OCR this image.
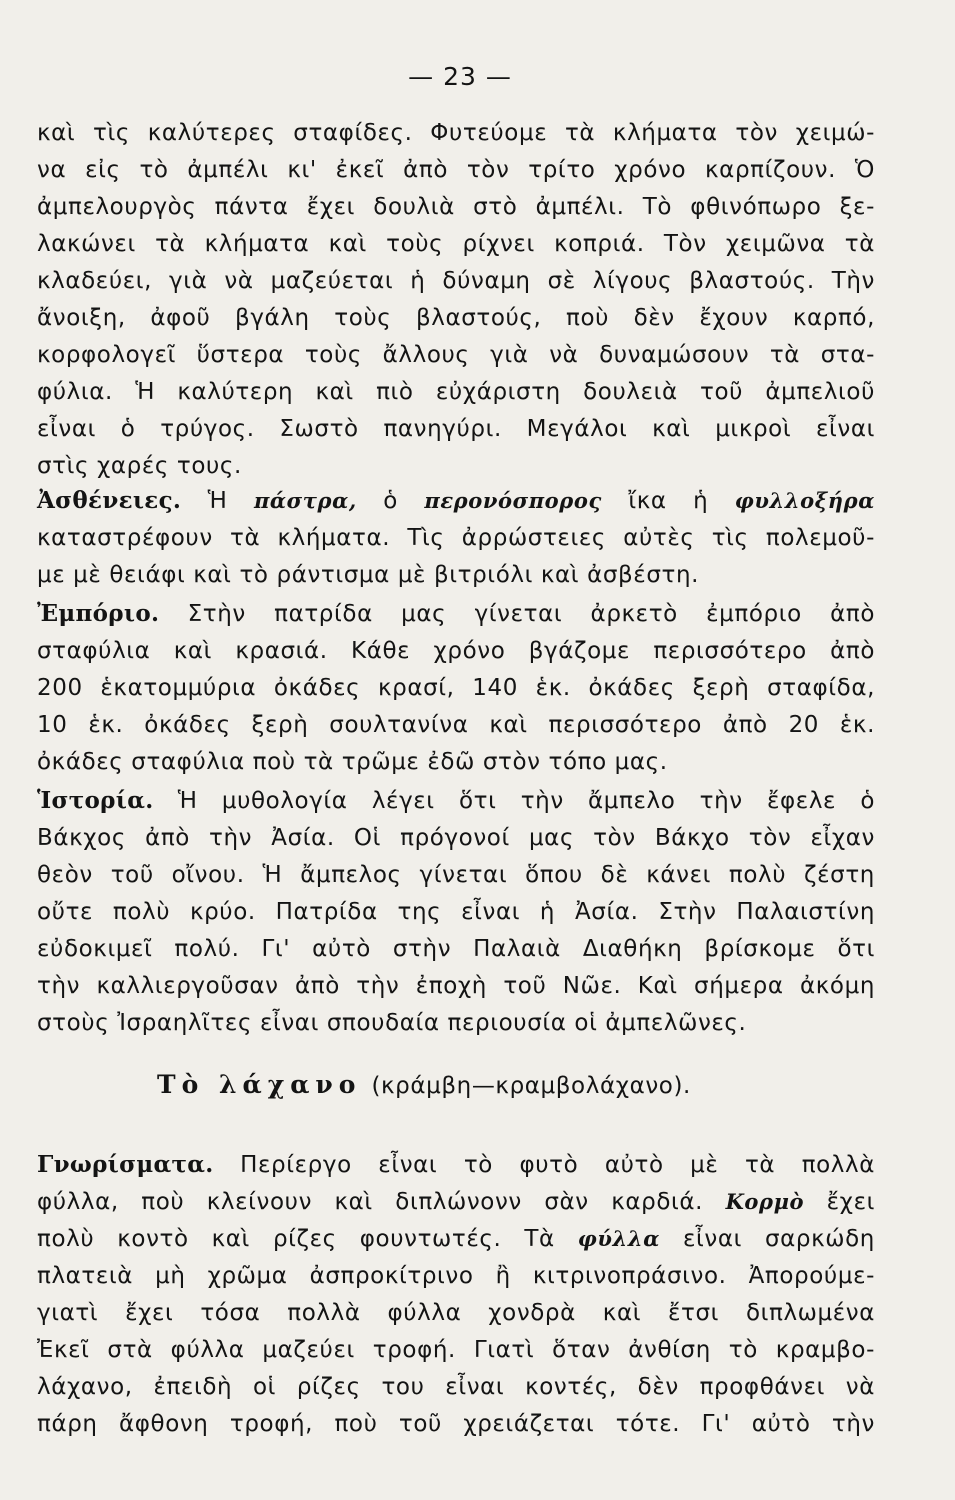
— 23 —
καὶ τὶς καλύτερες σταφίδες. Φυτεύομε τὰ κλήματα τὸν χειμώ-
να εἰς τὸ ἀμπέλι κι' ἐκεῖ ἀπὸ τὸν τρίτο χρόνο καρπίζουν. Ὁ
ἀμπελουργὸς πάντα ἔχει δουλιὰ στὸ ἀμπέλι. Τὸ φθινόπωρο ξε-
λακώνει τὰ κλήματα καὶ τοὺς ρίχνει κοπριά. Τὸν χειμῶνα τὰ
κλαδεύει, γιὰ νὰ μαζεύεται ἡ δύναμη σὲ λίγους βλαστούς. Τὴν
ἄνοιξη, ἀφοῦ βγάλη τοὺς βλαστούς, ποὺ δὲν ἔχουν καρπό,
κορφολογεῖ ὕστερα τοὺς ἄλλους γιὰ νὰ δυναμώσουν τὰ στα-
φύλια. Ἡ καλύτερη καὶ πιὸ εὐχάριστη δουλειὰ τοῦ ἀμπελιοῦ
εἶναι ὁ τρύγος. Σωστὸ πανηγύρι. Μεγάλοι καὶ μικροὶ εἶναι
στὶς χαρές τους.
Ἀσθένειες. Ἡ πάστρα, ὁ περονόσπορος ἴκα ἡ φυλλοξήρα
καταστρέφουν τὰ κλήματα. Τὶς ἀρρώστειες αὐτὲς τὶς πολεμοῦ-
με μὲ θειάφι καὶ τὸ ράντισμα μὲ βιτριόλι καὶ ἀσβέστη.
Ἐμπόριο. Στὴν πατρίδα μας γίνεται ἀρκετὸ ἐμπόριο ἀπὸ
σταφύλια καὶ κρασιά. Κάθε χρόνο βγάζομε περισσότερο ἀπὸ
200 ἑκατομμύρια ὀκάδες κρασί, 140 ἑκ. ὀκάδες ξερὴ σταφίδα,
10 ἑκ. ὀκάδες ξερὴ σουλτανίνα καὶ περισσότερο ἀπὸ 20 ἑκ.
ὀκάδες σταφύλια ποὺ τὰ τρῶμε ἐδῶ στὸν τόπο μας.
Ἱστορία. Ἡ μυθολογία λέγει ὅτι τὴν ἄμπελο τὴν ἔφελε ὁ
Βάκχος ἀπὸ τὴν Ἀσία. Οἱ πρόγονοί μας τὸν Βάκχο τὸν εἶχαν
θεὸν τοῦ οἴνου. Ἡ ἄμπελος γίνεται ὅπου δὲ κάνει πολὺ ζέστη
οὔτε πολὺ κρύο. Πατρίδα της εἶναι ἡ Ἀσία. Στὴν Παλαιστίνη
εὐδοκιμεῖ πολύ. Γι' αὐτὸ στὴν Παλαιὰ Διαθήκη βρίσκομε ὅτι
τὴν καλλιεργοῦσαν ἀπὸ τὴν ἐποχὴ τοῦ Νῶε. Καὶ σήμερα ἀκόμη
στοὺς Ἰσραηλῖτες εἶναι σπουδαία περιουσία οἱ ἀμπελῶνες.
Τὸ λάχανο (κράμβη—κραμβολάχανο).
Γνωρίσματα. Περίεργο εἶναι τὸ φυτὸ αὐτὸ μὲ τὰ πολλὰ
φύλλα, ποὺ κλείνουν καὶ διπλώνονν σὰν καρδιά. Κορμὸ ἔχει
πολὺ κοντὸ καὶ ρίζες φουντωτές. Τὰ φύλλα εἶναι σαρκώδη
πλατειὰ μὴ χρῶμα ἀσπροκίτρινο ἢ κιτρινοπράσινο. Ἀπορούμε-
γιατὶ ἔχει τόσα πολλὰ φύλλα χονδρὰ καὶ ἔτσι διπλωμένα
Ἐκεῖ στὰ φύλλα μαζεύει τροφή. Γιατὶ ὅταν ἀνθίση τὸ κραμβο-
λάχανο, ἐπειδὴ οἱ ρίζες του εἶναι κοντές, δὲν προφθάνει νὰ
πάρη ἄφθονη τροφή, ποὺ τοῦ χρειάζεται τότε. Γι' αὐτὸ τὴν
